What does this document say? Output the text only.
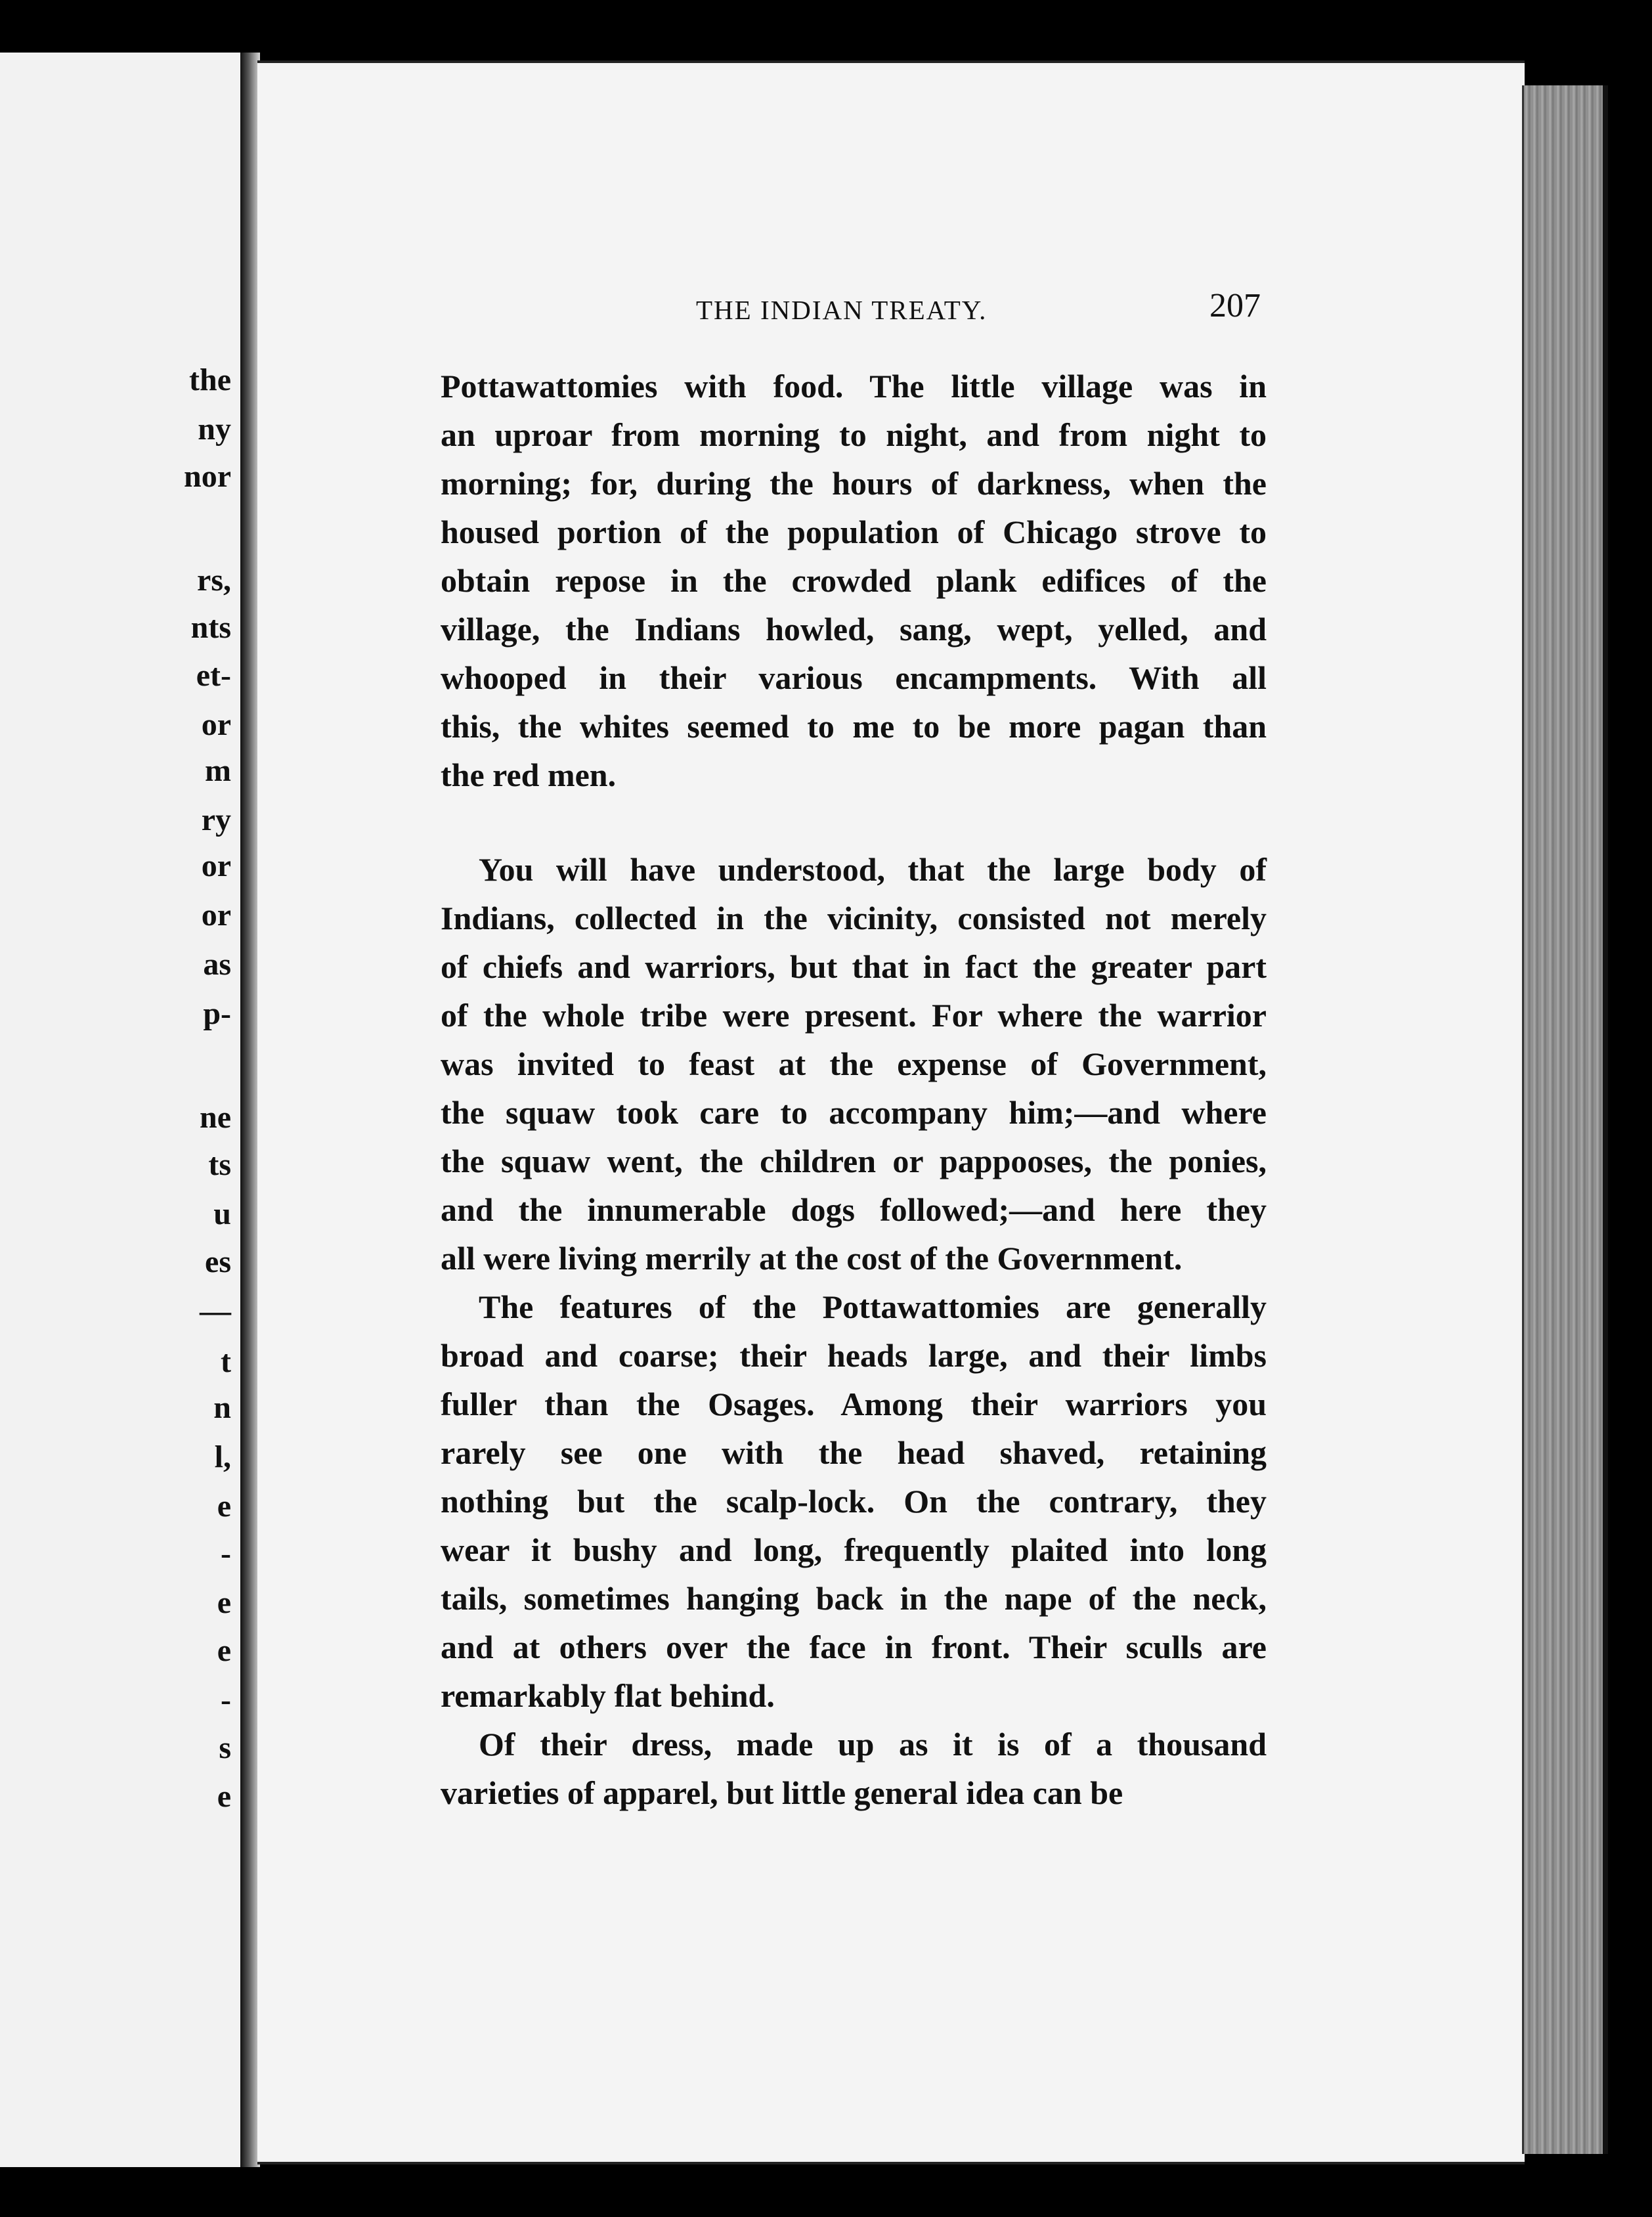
the
ny
nor
rs,
nts
et-
or
m
ry
or
or
as
p-
ne
ts
u
es
—
t
n
l,
e
-
e
e
-
s
e
THE INDIAN TREATY.	207
Pottawattomies with food. The little village was in
an uproar from morning to night, and from night to
morning; for, during the hours of darkness, when the
housed portion of the population of Chicago strove to
obtain repose in the crowded plank edifices of the
village, the Indians howled, sang, wept, yelled, and
whooped in their various encampments. With all
this, the whites seemed to me to be more pagan than
the red men.
You will have understood, that the large body of
Indians, collected in the vicinity, consisted not merely
of chiefs and warriors, but that in fact the greater part
of the whole tribe were present. For where the warrior
was invited to feast at the expense of Government,
the squaw took care to accompany him;—and where
the squaw went, the children or pappooses, the ponies,
and the innumerable dogs followed;—and here they
all were living merrily at the cost of the Government.
The features of the Pottawattomies are generally
broad and coarse; their heads large, and their limbs
fuller than the Osages. Among their warriors you
rarely see one with the head shaved, retaining
nothing but the scalp-lock. On the contrary, they
wear it bushy and long, frequently plaited into long
tails, sometimes hanging back in the nape of the neck,
and at others over the face in front. Their sculls are
remarkably flat behind.
Of their dress, made up as it is of a thousand
varieties of apparel, but little general idea can be
